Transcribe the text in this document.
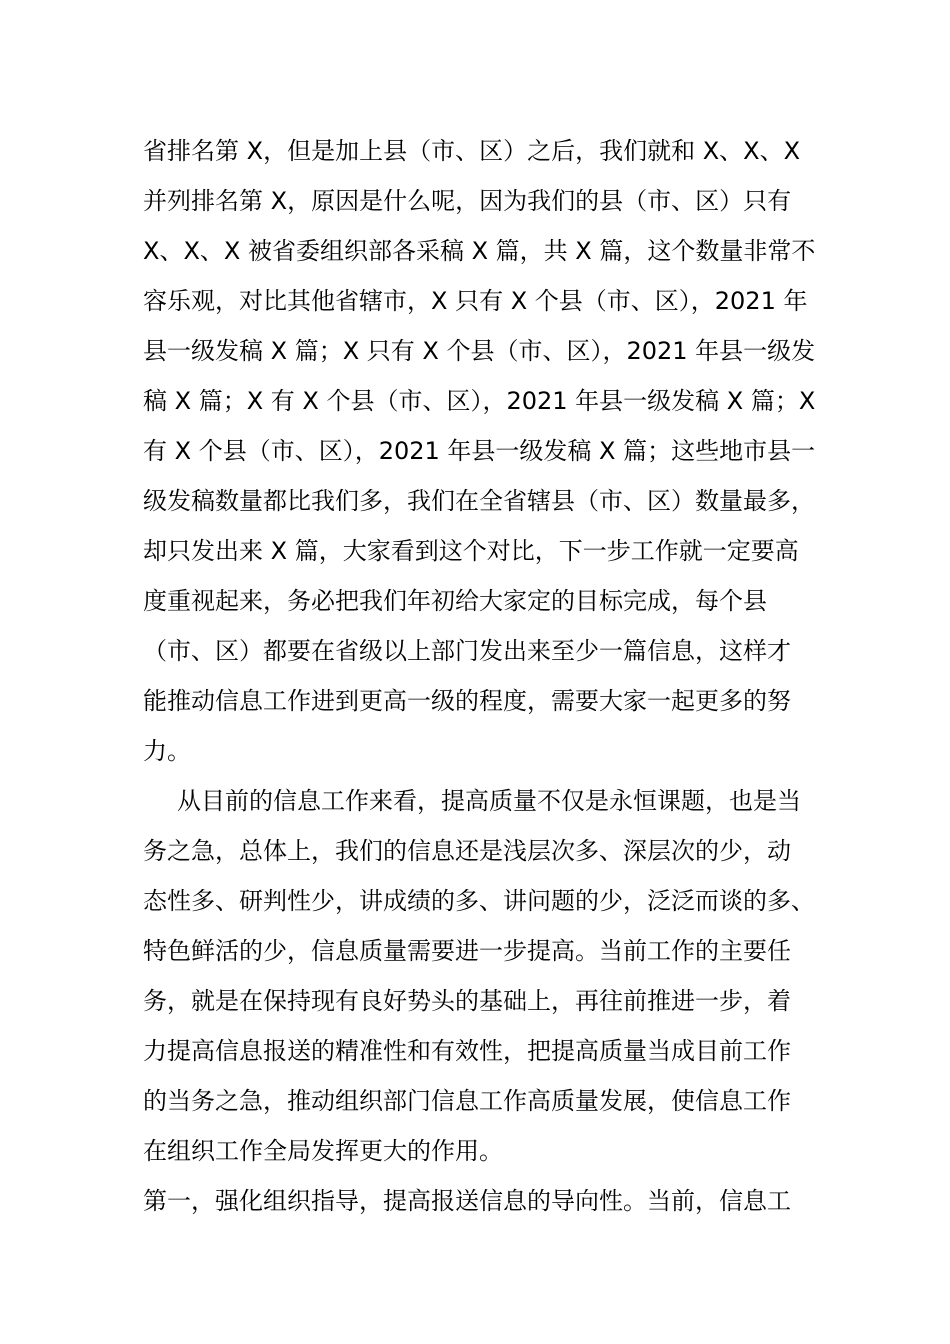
省排名第 X，但是加上县（市、区）之后，我们就和 X、X、X
并列排名第 X，原因是什么呢，因为我们的县（市、区）只有
X、X、X 被省委组织部各采稿 X 篇，共 X 篇，这个数量非常不
容乐观，对比其他省辖市，X 只有 X 个县（市、区），2021 年
县一级发稿 X 篇；X 只有 X 个县（市、区），2021 年县一级发
稿 X 篇；X 有 X 个县（市、区），2021 年县一级发稿 X 篇；X
有 X 个县（市、区），2021 年县一级发稿 X 篇；这些地市县一
级发稿数量都比我们多，我们在全省辖县（市、区）数量最多，
却只发出来 X 篇，大家看到这个对比，下一步工作就一定要高
度重视起来，务必把我们年初给大家定的目标完成，每个县
（市、区）都要在省级以上部门发出来至少一篇信息，这样才
能推动信息工作进到更高一级的程度，需要大家一起更多的努
力。
从目前的信息工作来看，提高质量不仅是永恒课题，也是当
务之急，总体上，我们的信息还是浅层次多、深层次的少，动
态性多、研判性少，讲成绩的多、讲问题的少，泛泛而谈的多、
特色鲜活的少，信息质量需要进一步提高。当前工作的主要任
务，就是在保持现有良好势头的基础上，再往前推进一步，着
力提高信息报送的精准性和有效性，把提高质量当成目前工作
的当务之急，推动组织部门信息工作高质量发展，使信息工作
在组织工作全局发挥更大的作用。
第一，强化组织指导，提高报送信息的导向性。当前，信息工
